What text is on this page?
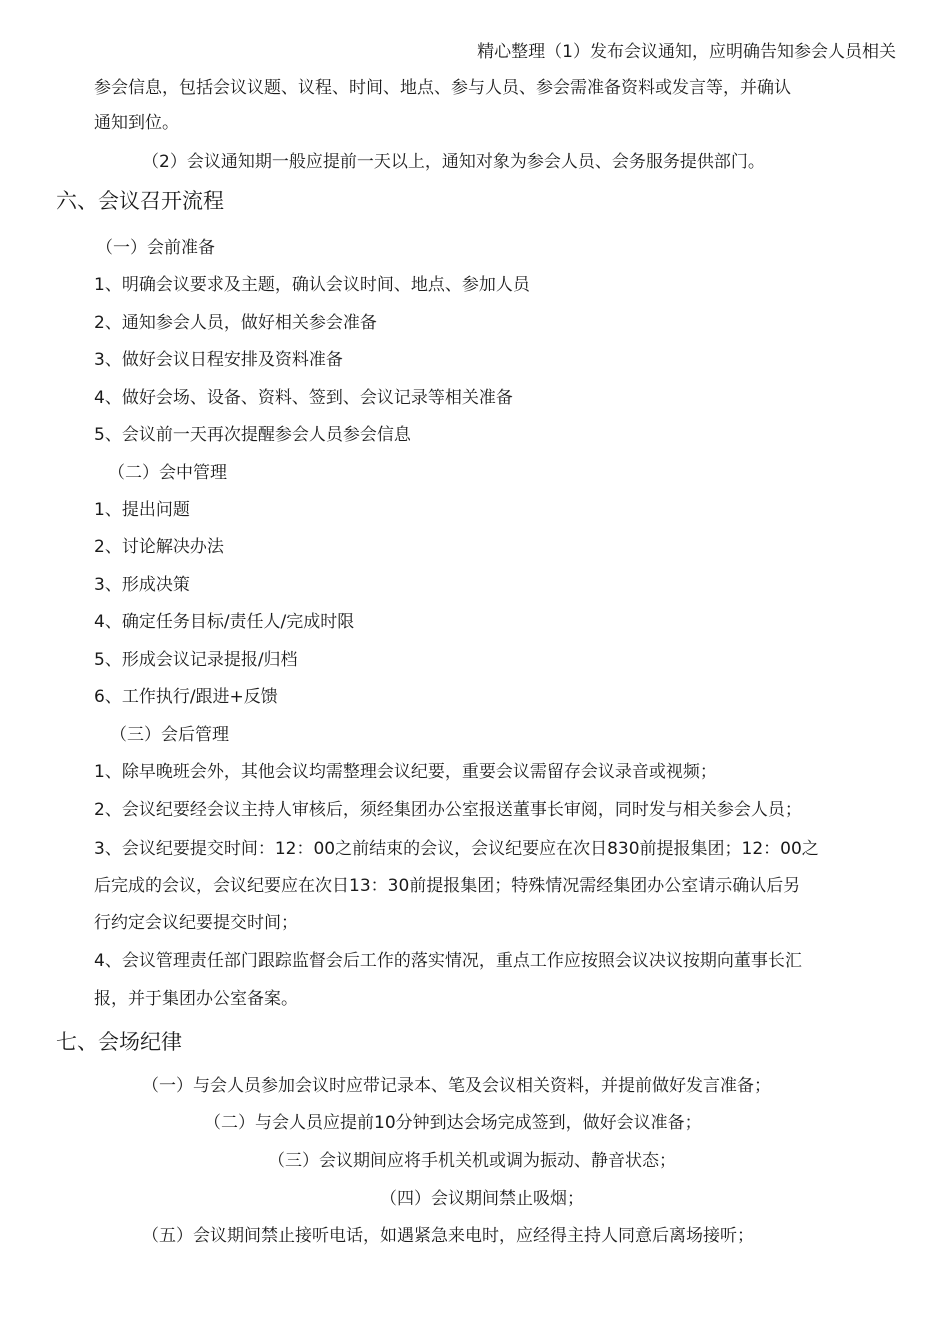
精心整理（1）发布会议通知，应明确告知参会人员相关
参会信息，包括会议议题、议程、时间、地点、参与人员、参会需准备资料或发言等，并确认
通知到位。
（2）会议通知期一般应提前一天以上，通知对象为参会人员、会务服务提供部门。
六、会议召开流程
（一）会前准备
1、明确会议要求及主题，确认会议时间、地点、参加人员
2、通知参会人员，做好相关参会准备
3、做好会议日程安排及资料准备
4、做好会场、设备、资料、签到、会议记录等相关准备
5、会议前一天再次提醒参会人员参会信息
（二）会中管理
1、提出问题
2、讨论解决办法
3、形成决策
4、确定任务目标/责任人/完成时限
5、形成会议记录提报/归档
6、工作执行/跟进+反馈
（三）会后管理
1、除早晚班会外，其他会议均需整理会议纪要，重要会议需留存会议录音或视频；
2、会议纪要经会议主持人审核后，须经集团办公室报送董事长审阅，同时发与相关参会人员；
3、会议纪要提交时间：12：00之前结束的会议，会议纪要应在次日830前提报集团；12：00之
后完成的会议，会议纪要应在次日13：30前提报集团；特殊情况需经集团办公室请示确认后另
行约定会议纪要提交时间；
4、会议管理责任部门跟踪监督会后工作的落实情况，重点工作应按照会议决议按期向董事长汇
报，并于集团办公室备案。
七、会场纪律
（一）与会人员参加会议时应带记录本、笔及会议相关资料，并提前做好发言准备；
（二）与会人员应提前10分钟到达会场完成签到，做好会议准备；
（三）会议期间应将手机关机或调为振动、静音状态；
（四）会议期间禁止吸烟；
（五）会议期间禁止接听电话，如遇紧急来电时，应经得主持人同意后离场接听；
